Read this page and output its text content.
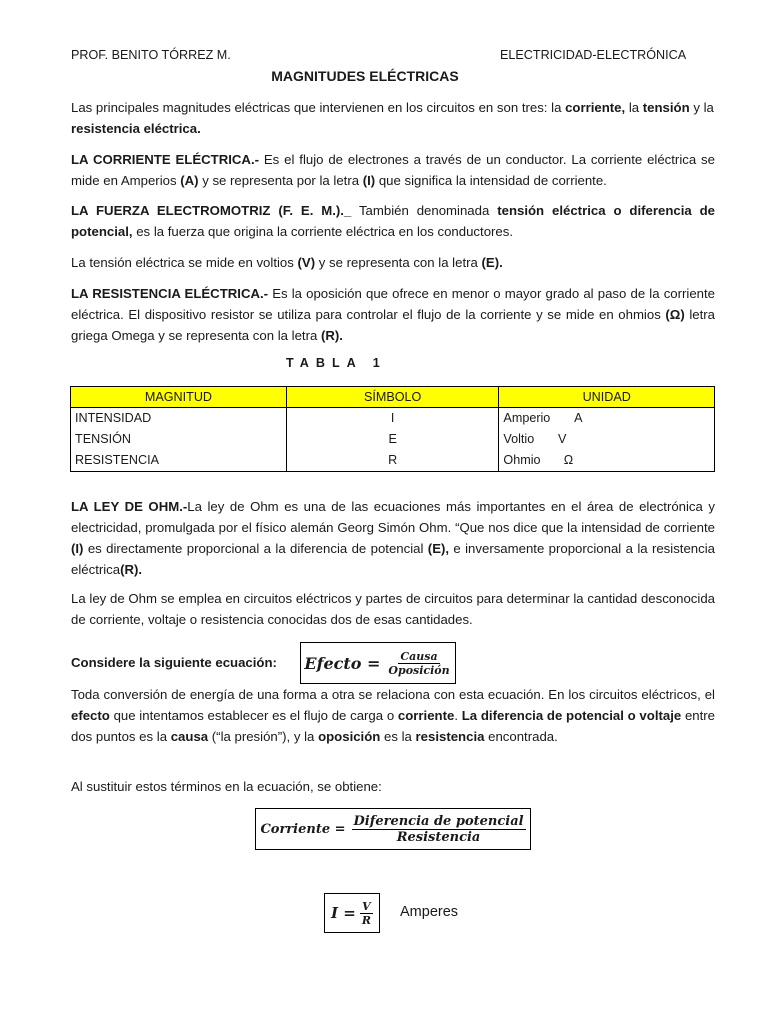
PROF. BENITO TÓRREZ M.	ELECTRICIDAD-ELECTRÓNICA
MAGNITUDES ELÉCTRICAS
Las principales magnitudes eléctricas que intervienen en los circuitos en son tres: la corriente, la tensión y la resistencia eléctrica.
LA CORRIENTE ELÉCTRICA.- Es el flujo de electrones a través de un conductor. La corriente eléctrica se mide en Amperios (A) y se representa por la letra (I) que significa la intensidad de corriente.
LA FUERZA ELECTROMOTRIZ (F. E. M.)._ También denominada tensión eléctrica o diferencia de potencial, es la fuerza que origina la corriente eléctrica en los conductores.
La tensión eléctrica se mide en voltios (V) y se representa con la letra (E).
LA RESISTENCIA ELÉCTRICA.- Es la oposición que ofrece en menor o mayor grado al paso de la corriente eléctrica. El dispositivo resistor se utiliza para controlar el flujo de la corriente y se mide en ohmios (Ω) letra griega Omega y se representa con la letra (R).
TABLA 1
MAGNITUD	SÍMBOLO	UNIDAD
INTENSIDAD	I	Amperio A
TENSIÓN	E	Voltio V
RESISTENCIA	R	Ohmio Ω
LA LEY DE OHM.-La ley de Ohm es una de las ecuaciones más importantes en el área de electrónica y electricidad, promulgada por el físico alemán Georg Simón Ohm. “Que nos dice que la intensidad de corriente (I) es directamente proporcional a la diferencia de potencial (E), e inversamente proporcional a la resistencia eléctrica(R).
La ley de Ohm se emplea en circuitos eléctricos y partes de circuitos para determinar la cantidad desconocida de corriente, voltaje o resistencia conocidas dos de esas cantidades.
Considere la siguiente ecuación:	Efecto = $\frac{\text{Causa}}{\text{Oposición}}$
Toda conversión de energía de una forma a otra se relaciona con esta ecuación. En los circuitos eléctricos, el efecto que intentamos establecer es el flujo de carga o corriente. La diferencia de potencial o voltaje entre dos puntos es la causa (“la presión”), y la oposición es la resistencia encontrada.
Al sustituir estos términos en la ecuación, se obtiene:
Corriente = $\frac{\text{Diferencia de potencial}}{\text{Resistencia}}$
$I = \frac{V}{R}$ Amperes
